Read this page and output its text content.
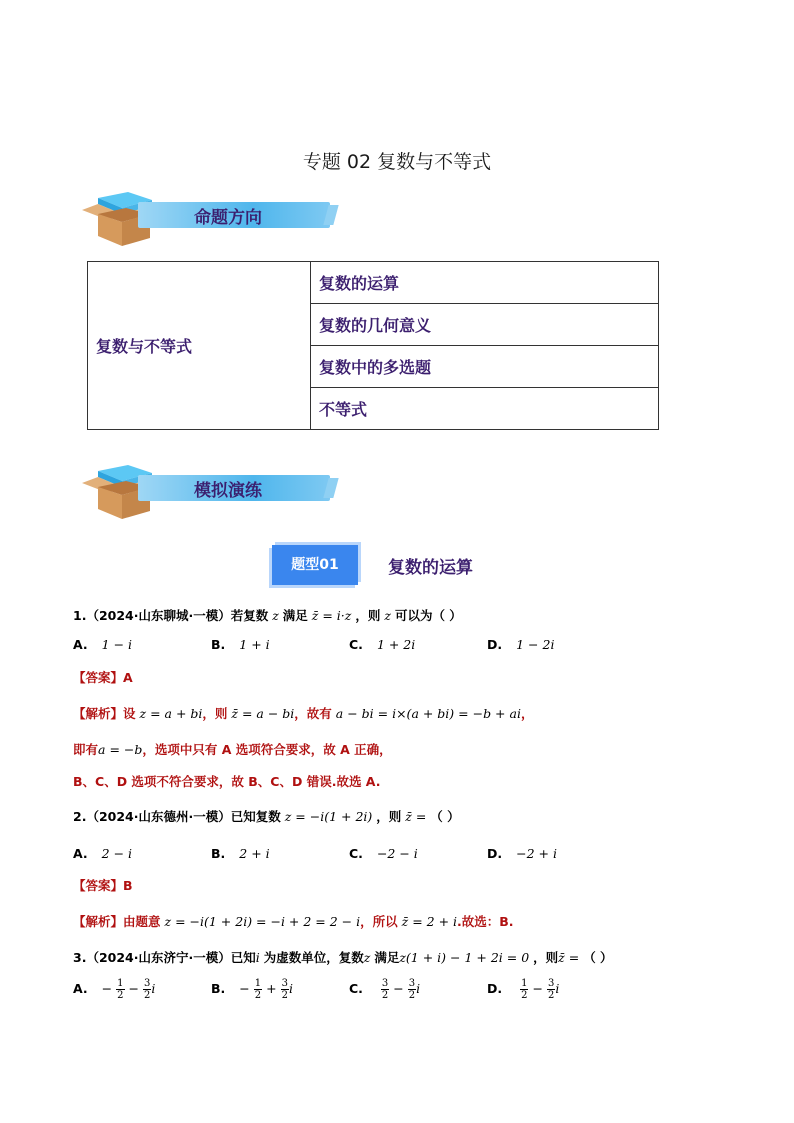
专题 02 复数与不等式
命题方向
复数与不等式	复数的运算
复数的几何意义
复数中的多选题
不等式
模拟演练
题型01	复数的运算
1.（2024·山东聊城·一模）若复数 z 满足 z̄ = i·z ，则 z 可以为（ ）
A. 1 − i	B. 1 + i	C. 1 + 2i	D. 1 − 2i
【答案】A
【解析】设 z = a + bi，则 z̄ = a − bi，故有 a − bi = i×(a + bi) = −b + ai，
即有a = −b，选项中只有 A 选项符合要求，故 A 正确，
B、C、D 选项不符合要求，故 B、C、D 错误.故选 A.
2.（2024·山东德州·一模）已知复数 z = −i(1 + 2i) ，则 z̄ = （ ）
A. 2 − i	B. 2 + i	C. −2 − i	D. −2 + i
【答案】B
【解析】由题意 z = −i(1 + 2i) = −i + 2 = 2 − i，所以 z̄ = 2 + i.故选：B.
3.（2024·山东济宁·一模）已知i 为虚数单位，复数z 满足z(1 + i) − 1 + 2i = 0 ，则z̄ = （ ）
A. − $\frac{1}{2} - \frac{3}{2}$ i	B. − $\frac{1}{2} + \frac{3}{2}$ i	C. $\frac{3}{2} - \frac{3}{2}$ i	D. $\frac{1}{2} - \frac{3}{2}$ i
